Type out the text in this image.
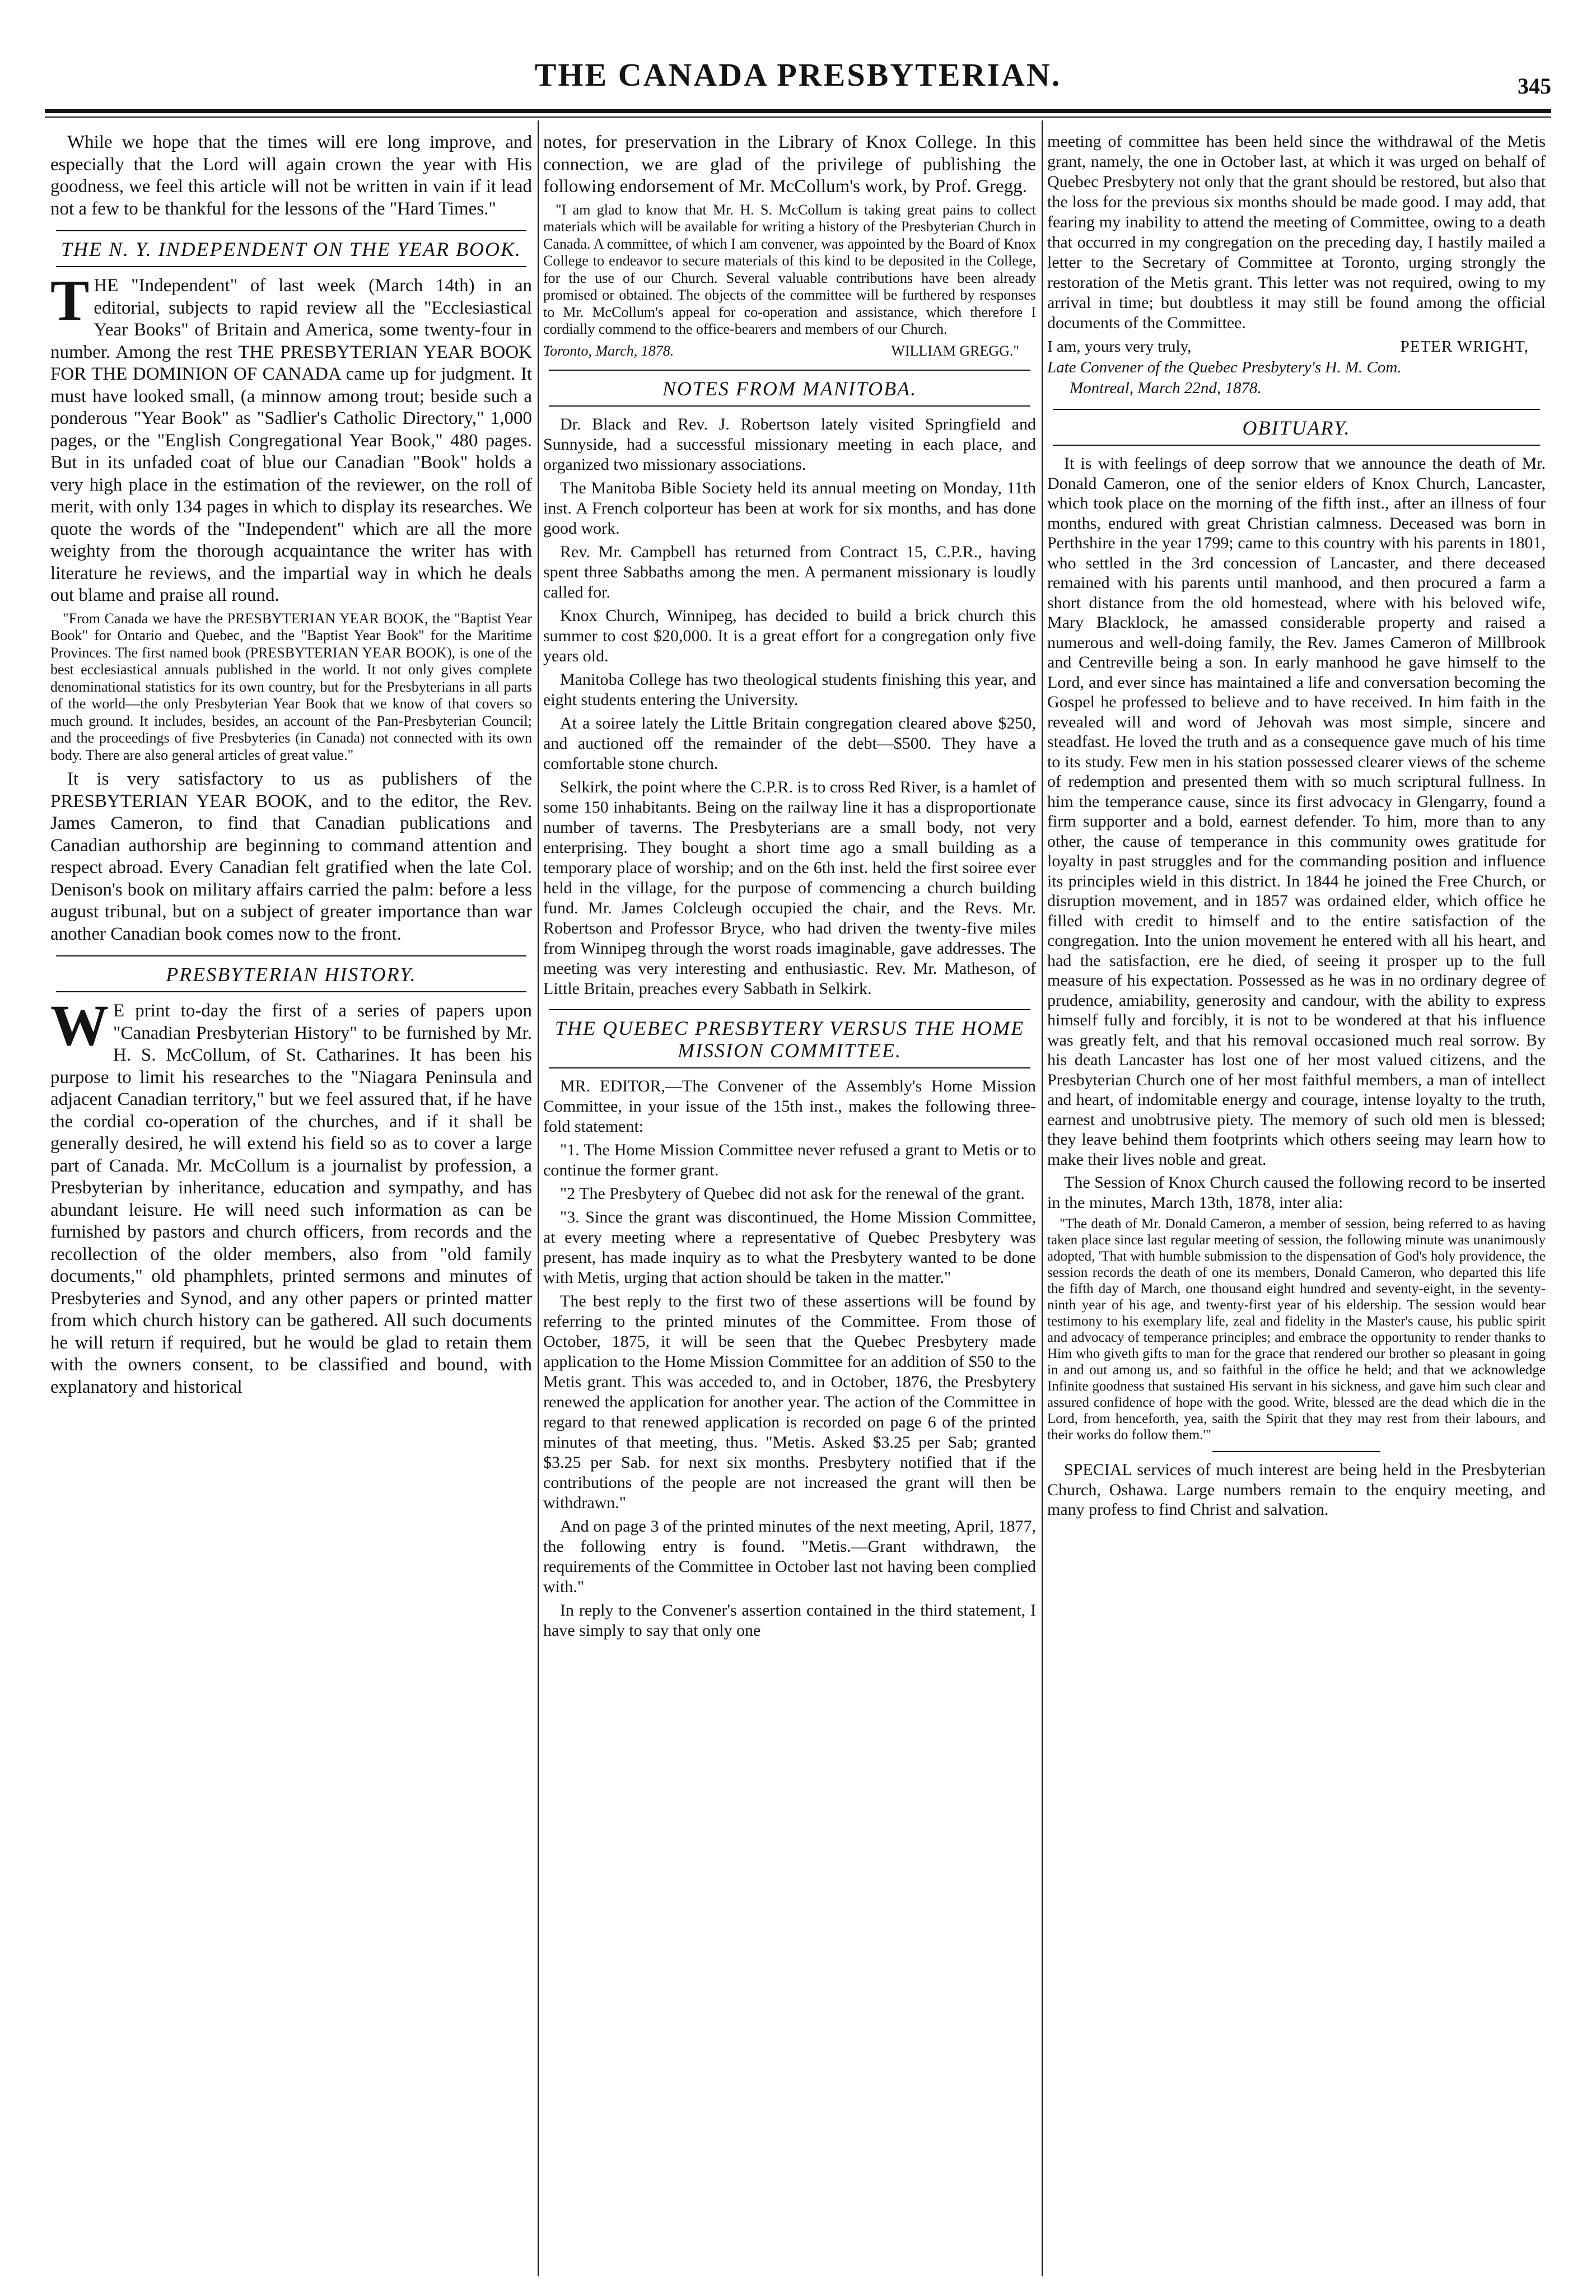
THE CANADA PRESBYTERIAN.	345

While we hope that the times will ere long improve, and especially that the Lord will again crown the year with His goodness, we feel this article will not be written in vain if it lead not a few to be thankful for the lessons of the "Hard Times."

THE N. Y. INDEPENDENT ON THE YEAR BOOK.

THE "Independent" of last week (March 14th) in an editorial, subjects to rapid review all the "Ecclesiastical Year Books" of Britain and America, some twenty-four in number. Among the rest THE PRESBYTERIAN YEAR BOOK FOR THE DOMINION OF CANADA came up for judgment. It must have looked small, (a minnow among trout; beside such a ponderous "Year Book" as "Sadlier's Catholic Directory," 1,000 pages, or the "English Congregational Year Book," 480 pages. But in its unfaded coat of blue our Canadian "Book" holds a very high place in the estimation of the reviewer, on the roll of merit, with only 134 pages in which to display its researches. We quote the words of the "Independent" which are all the more weighty from the thorough acquaintance the writer has with literature he reviews, and the impartial way in which he deals out blame and praise all round.

"From Canada we have the PRESBYTERIAN YEAR BOOK, the "Baptist Year Book" for Ontario and Quebec, and the "Baptist Year Book" for the Maritime Provinces. The first named book (PRESBYTERIAN YEAR BOOK), is one of the best ecclesiastical annuals published in the world. It not only gives complete denominational statistics for its own country, but for the Presbyterians in all parts of the world—the only Presbyterian Year Book that we know of that covers so much ground. It includes, besides, an account of the Pan-Presbyterian Council; and the proceedings of five Presbyteries (in Canada) not connected with its own body. There are also general articles of great value."

It is very satisfactory to us as publishers of the PRESBYTERIAN YEAR BOOK, and to the editor, the Rev. James Cameron, to find that Canadian publications and Canadian authorship are beginning to command attention and respect abroad. Every Canadian felt gratified when the late Col. Denison's book on military affairs carried the palm: before a less august tribunal, but on a subject of greater importance than war another Canadian book comes now to the front.

PRESBYTERIAN HISTORY.

W E print to-day the first of a series of papers upon "Canadian Presbyterian History" to be furnished by Mr. H. S. McCollum, of St. Catharines. It has been his purpose to limit his researches to the "Niagara Peninsula and adjacent Canadian territory," but we feel assured that, if he have the cordial co-operation of the churches, and if it shall be generally desired, he will extend his field so as to cover a large part of Canada. Mr. McCollum is a journalist by profession, a Presbyterian by inheritance, education and sympathy, and has abundant leisure. He will need such information as can be furnished by pastors and church officers, from records and the recollection of the older members, also from "old family documents," old phamphlets, printed sermons and minutes of Presbyteries and Synod, and any other papers or printed matter from which church history can be gathered. All such documents he will return if required, but he would be glad to retain them with the owners consent, to be classified and bound, with explanatory and historical

notes, for preservation in the Library of Knox College. In this connection, we are glad of the privilege of publishing the following endorsement of Mr. McCollum's work, by Prof. Gregg.

"I am glad to know that Mr. H. S. McCollum is taking great pains to collect materials which will be available for writing a history of the Presbyterian Church in Canada. A committee, of which I am convener, was appointed by the Board of Knox College to endeavor to secure materials of this kind to be deposited in the College, for the use of our Church. Several valuable contributions have been already promised or obtained. The objects of the committee will be furthered by responses to Mr. McCollum's appeal for co-operation and assistance, which therefore I cordially commend to the office-bearers and members of our Church.

Toronto, March, 1878.	WILLIAM GREGG."

NOTES FROM MANITOBA.

Dr. Black and Rev. J. Robertson lately visited Springfield and Sunnyside, had a successful missionary meeting in each place, and organized two missionary associations.

The Manitoba Bible Society held its annual meeting on Monday, 11th inst. A French colporteur has been at work for six months, and has done good work.

Rev. Mr. Campbell has returned from Contract 15, C.P.R., having spent three Sabbaths among the men. A permanent missionary is loudly called for.

Knox Church, Winnipeg, has decided to build a brick church this summer to cost $20,000. It is a great effort for a congregation only five years old.

Manitoba College has two theological students finishing this year, and eight students entering the University.

At a soiree lately the Little Britain congregation cleared above $250, and auctioned off the remainder of the debt—$500. They have a comfortable stone church.

Selkirk, the point where the C.P.R. is to cross Red River, is a hamlet of some 150 inhabitants. Being on the railway line it has a disproportionate number of taverns. The Presbyterians are a small body, not very enterprising. They bought a short time ago a small building as a temporary place of worship; and on the 6th inst. held the first soiree ever held in the village, for the purpose of commencing a church building fund. Mr. James Colcleugh occupied the chair, and the Revs. Mr. Robertson and Professor Bryce, who had driven the twenty-five miles from Winnipeg through the worst roads imaginable, gave addresses. The meeting was very interesting and enthusiastic. Rev. Mr. Matheson, of Little Britain, preaches every Sabbath in Selkirk.

THE QUEBEC PRESBYTERY VERSUS THE HOME MISSION COMMITTEE.

MR. EDITOR,—The Convener of the Assembly's Home Mission Committee, in your issue of the 15th inst., makes the following three-fold statement:

"1. The Home Mission Committee never refused a grant to Metis or to continue the former grant.

"2 The Presbytery of Quebec did not ask for the renewal of the grant.

"3. Since the grant was discontinued, the Home Mission Committee, at every meeting where a representative of Quebec Presbytery was present, has made inquiry as to what the Presbytery wanted to be done with Metis, urging that action should be taken in the matter."

The best reply to the first two of these assertions will be found by referring to the printed minutes of the Committee. From those of October, 1875, it will be seen that the Quebec Presbytery made application to the Home Mission Committee for an addition of $50 to the Metis grant. This was acceded to, and in October, 1876, the Presbytery renewed the application for another year. The action of the Committee in regard to that renewed application is recorded on page 6 of the printed minutes of that meeting, thus. "Metis. Asked $3.25 per Sab; granted $3.25 per Sab. for next six months. Presbytery notified that if the contributions of the people are not increased the grant will then be withdrawn."

And on page 3 of the printed minutes of the next meeting, April, 1877, the following entry is found. "Metis.—Grant withdrawn, the requirements of the Committee in October last not having been complied with."

In reply to the Convener's assertion contained in the third statement, I have simply to say that only one

meeting of committee has been held since the withdrawal of the Metis grant, namely, the one in October last, at which it was urged on behalf of Quebec Presbytery not only that the grant should be restored, but also that the loss for the previous six months should be made good. I may add, that fearing my inability to attend the meeting of Committee, owing to a death that occurred in my congregation on the preceding day, I hastily mailed a letter to the Secretary of Committee at Toronto, urging strongly the restoration of the Metis grant. This letter was not required, owing to my arrival in time; but doubtless it may still be found among the official documents of the Committee.

I am, yours very truly,	PETER WRIGHT,

Late Convener of the Quebec Presbytery's H. M. Com.

Montreal, March 22nd, 1878.

OBITUARY.

It is with feelings of deep sorrow that we announce the death of Mr. Donald Cameron, one of the senior elders of Knox Church, Lancaster, which took place on the morning of the fifth inst., after an illness of four months, endured with great Christian calmness. Deceased was born in Perthshire in the year 1799; came to this country with his parents in 1801, who settled in the 3rd concession of Lancaster, and there deceased remained with his parents until manhood, and then procured a farm a short distance from the old homestead, where with his beloved wife, Mary Blacklock, he amassed considerable property and raised a numerous and well-doing family, the Rev. James Cameron of Millbrook and Centreville being a son. In early manhood he gave himself to the Lord, and ever since has maintained a life and conversation becoming the Gospel he professed to believe and to have received. In him faith in the revealed will and word of Jehovah was most simple, sincere and steadfast. He loved the truth and as a consequence gave much of his time to its study. Few men in his station possessed clearer views of the scheme of redemption and presented them with so much scriptural fullness. In him the temperance cause, since its first advocacy in Glengarry, found a firm supporter and a bold, earnest defender. To him, more than to any other, the cause of temperance in this community owes gratitude for loyalty in past struggles and for the commanding position and influence its principles wield in this district. In 1844 he joined the Free Church, or disruption movement, and in 1857 was ordained elder, which office he filled with credit to himself and to the entire satisfaction of the congregation. Into the union movement he entered with all his heart, and had the satisfaction, ere he died, of seeing it prosper up to the full measure of his expectation. Possessed as he was in no ordinary degree of prudence, amiability, generosity and candour, with the ability to express himself fully and forcibly, it is not to be wondered at that his influence was greatly felt, and that his removal occasioned much real sorrow. By his death Lancaster has lost one of her most valued citizens, and the Presbyterian Church one of her most faithful members, a man of intellect and heart, of indomitable energy and courage, intense loyalty to the truth, earnest and unobtrusive piety. The memory of such old men is blessed; they leave behind them footprints which others seeing may learn how to make their lives noble and great.

The Session of Knox Church caused the following record to be inserted in the minutes, March 13th, 1878, inter alia:

"The death of Mr. Donald Cameron, a member of session, being referred to as having taken place since last regular meeting of session, the following minute was unanimously adopted, 'That with humble submission to the dispensation of God's holy providence, the session records the death of one its members, Donald Cameron, who departed this life the fifth day of March, one thousand eight hundred and seventy-eight, in the seventy-ninth year of his age, and twenty-first year of his eldership. The session would bear testimony to his exemplary life, zeal and fidelity in the Master's cause, his public spirit and advocacy of temperance principles; and embrace the opportunity to render thanks to Him who giveth gifts to man for the grace that rendered our brother so pleasant in going in and out among us, and so faithful in the office he held; and that we acknowledge Infinite goodness that sustained His servant in his sickness, and gave him such clear and assured confidence of hope with the good. Write, blessed are the dead which die in the Lord, from henceforth, yea, saith the Spirit that they may rest from their labours, and their works do follow them.'"

SPECIAL services of much interest are being held in the Presbyterian Church, Oshawa. Large numbers remain to the enquiry meeting, and many profess to find Christ and salvation.
